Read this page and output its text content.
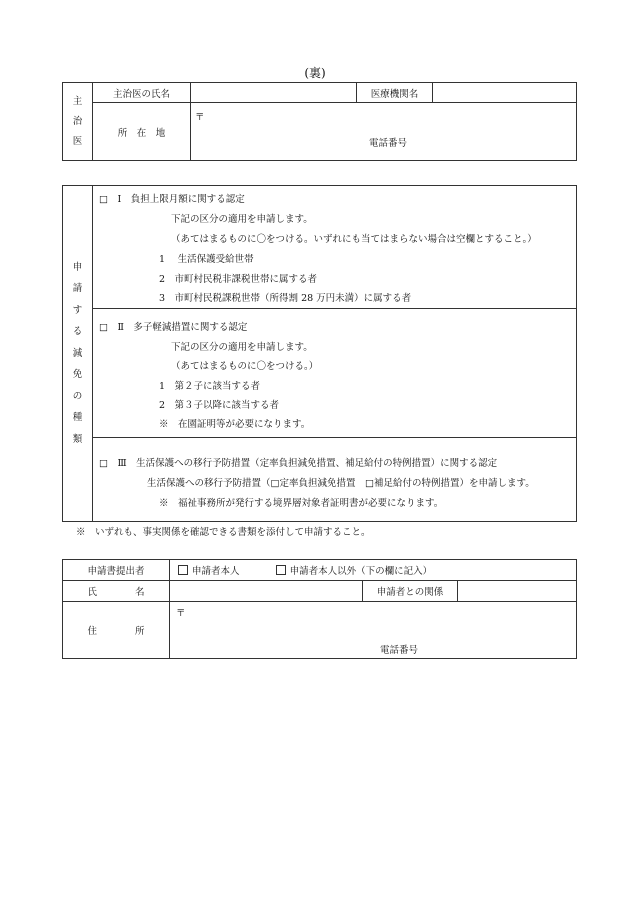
(裏)
主
治
医	主治医の氏名		医療機関名	
	所　在　地	〒
電話番号		
申
請
す
る
減
免
の
種
類

□　Ⅰ　負担上限月額に関する認定
下記の区分の適用を申請します。
（あてはまるものに〇をつける。いずれにも当てはまらない場合は空欄とすること。）
1　 生活保護受給世帯
2　市町村民税非課税世帯に属する者
3　市町村民税課税世帯（所得割 28 万円未満）に属する者

□　Ⅱ　多子軽減措置に関する認定
下記の区分の適用を申請します。
（あてはまるものに〇をつける。）
1　第２子に該当する者
2　第３子以降に該当する者
※　在園証明等が必要になります。

□　Ⅲ　生活保護への移行予防措置（定率負担減免措置、補足給付の特例措置）に関する認定
生活保護への移行予防措置（□定率負担減免措置　□補足給付の特例措置）を申請します。
※　福祉事務所が発行する境界層対象者証明書が必要になります。
※　いずれも、事実関係を確認できる書類を添付して申請すること。
申請書提出者	申請者本人 申請者本人以外（下の欄に記入）		
氏　　　　名		申請者との関係	
住　　　　所	〒
電話番号		
